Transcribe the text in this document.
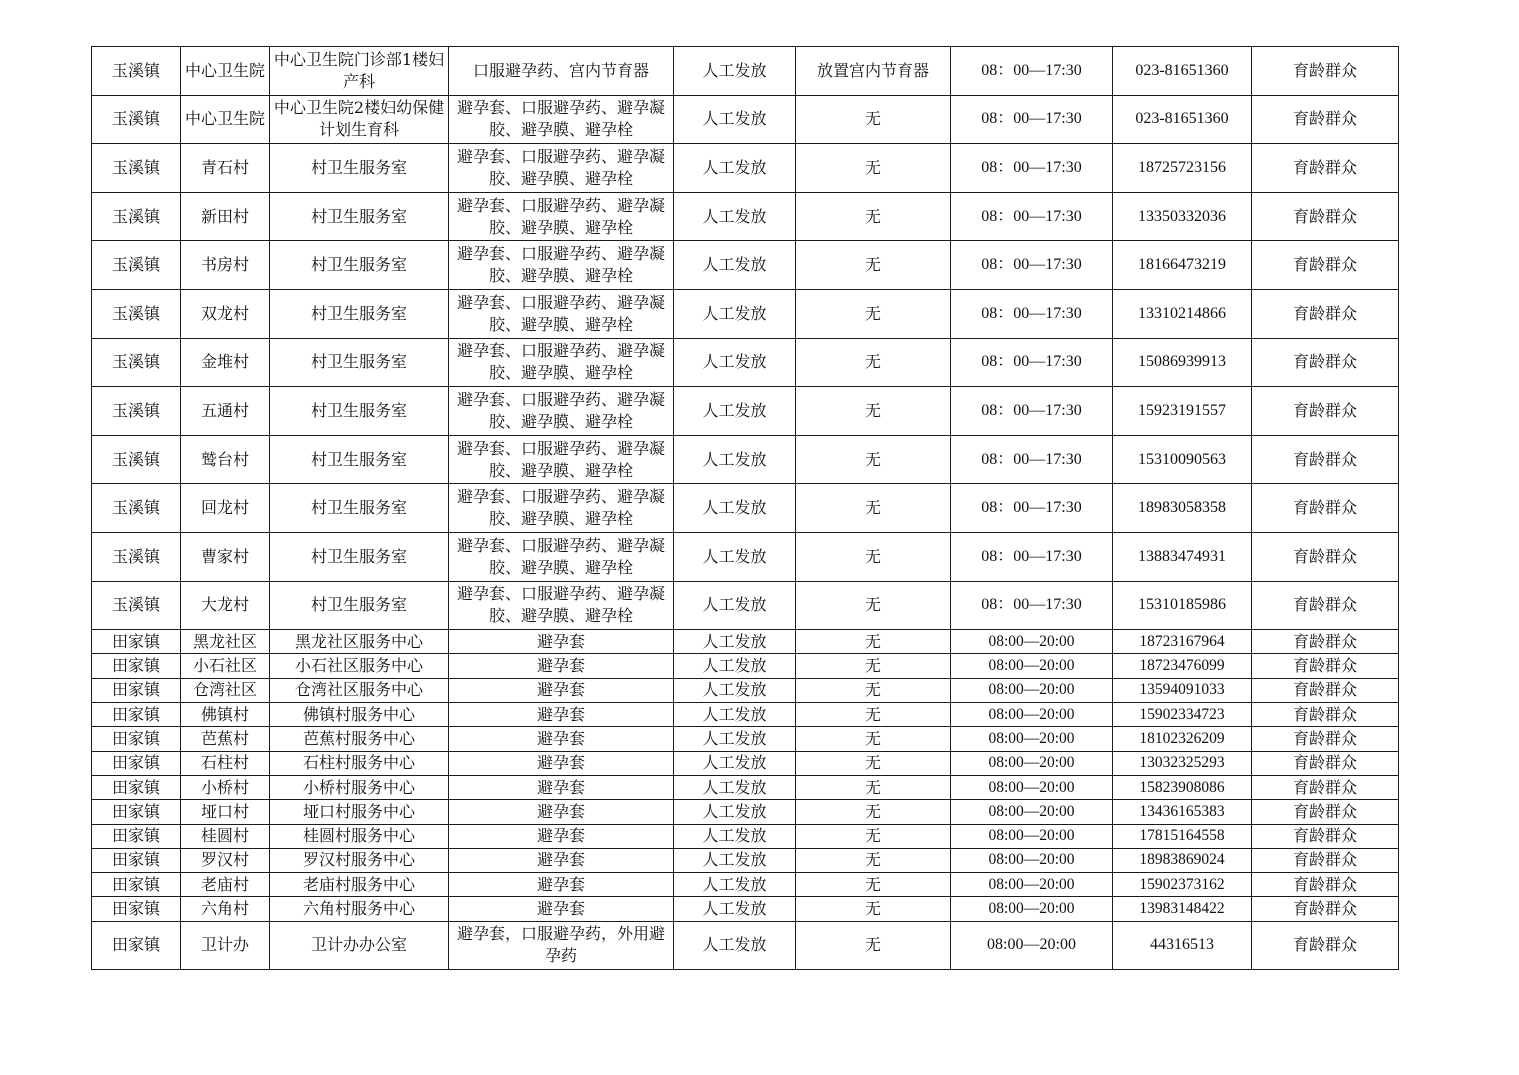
玉溪镇	中心卫生院	中心卫生院门诊部1楼妇产科	口服避孕药、宫内节育器	人工发放	放置宫内节育器	08：00—17:30	023-81651360	育龄群众
玉溪镇	中心卫生院	中心卫生院2楼妇幼保健计划生育科	避孕套、口服避孕药、避孕凝胶、避孕膜、避孕栓	人工发放	无	08：00—17:30	023-81651360	育龄群众
玉溪镇	青石村	村卫生服务室	避孕套、口服避孕药、避孕凝胶、避孕膜、避孕栓	人工发放	无	08：00—17:30	18725723156	育龄群众
玉溪镇	新田村	村卫生服务室	避孕套、口服避孕药、避孕凝胶、避孕膜、避孕栓	人工发放	无	08：00—17:30	13350332036	育龄群众
玉溪镇	书房村	村卫生服务室	避孕套、口服避孕药、避孕凝胶、避孕膜、避孕栓	人工发放	无	08：00—17:30	18166473219	育龄群众
玉溪镇	双龙村	村卫生服务室	避孕套、口服避孕药、避孕凝胶、避孕膜、避孕栓	人工发放	无	08：00—17:30	13310214866	育龄群众
玉溪镇	金堆村	村卫生服务室	避孕套、口服避孕药、避孕凝胶、避孕膜、避孕栓	人工发放	无	08：00—17:30	15086939913	育龄群众
玉溪镇	五通村	村卫生服务室	避孕套、口服避孕药、避孕凝胶、避孕膜、避孕栓	人工发放	无	08：00—17:30	15923191557	育龄群众
玉溪镇	鹫台村	村卫生服务室	避孕套、口服避孕药、避孕凝胶、避孕膜、避孕栓	人工发放	无	08：00—17:30	15310090563	育龄群众
玉溪镇	回龙村	村卫生服务室	避孕套、口服避孕药、避孕凝胶、避孕膜、避孕栓	人工发放	无	08：00—17:30	18983058358	育龄群众
玉溪镇	曹家村	村卫生服务室	避孕套、口服避孕药、避孕凝胶、避孕膜、避孕栓	人工发放	无	08：00—17:30	13883474931	育龄群众
玉溪镇	大龙村	村卫生服务室	避孕套、口服避孕药、避孕凝胶、避孕膜、避孕栓	人工发放	无	08：00—17:30	15310185986	育龄群众
田家镇	黑龙社区	黑龙社区服务中心	避孕套	人工发放	无	08:00—20:00	18723167964	育龄群众
田家镇	小石社区	小石社区服务中心	避孕套	人工发放	无	08:00—20:00	18723476099	育龄群众
田家镇	仓湾社区	仓湾社区服务中心	避孕套	人工发放	无	08:00—20:00	13594091033	育龄群众
田家镇	佛镇村	佛镇村服务中心	避孕套	人工发放	无	08:00—20:00	15902334723	育龄群众
田家镇	芭蕉村	芭蕉村服务中心	避孕套	人工发放	无	08:00—20:00	18102326209	育龄群众
田家镇	石柱村	石柱村服务中心	避孕套	人工发放	无	08:00—20:00	13032325293	育龄群众
田家镇	小桥村	小桥村服务中心	避孕套	人工发放	无	08:00—20:00	15823908086	育龄群众
田家镇	垭口村	垭口村服务中心	避孕套	人工发放	无	08:00—20:00	13436165383	育龄群众
田家镇	桂圆村	桂圆村服务中心	避孕套	人工发放	无	08:00—20:00	17815164558	育龄群众
田家镇	罗汉村	罗汉村服务中心	避孕套	人工发放	无	08:00—20:00	18983869024	育龄群众
田家镇	老庙村	老庙村服务中心	避孕套	人工发放	无	08:00—20:00	15902373162	育龄群众
田家镇	六角村	六角村服务中心	避孕套	人工发放	无	08:00—20:00	13983148422	育龄群众
田家镇	卫计办	卫计办办公室	避孕套，口服避孕药，外用避孕药	人工发放	无	08:00—20:00	44316513	育龄群众
